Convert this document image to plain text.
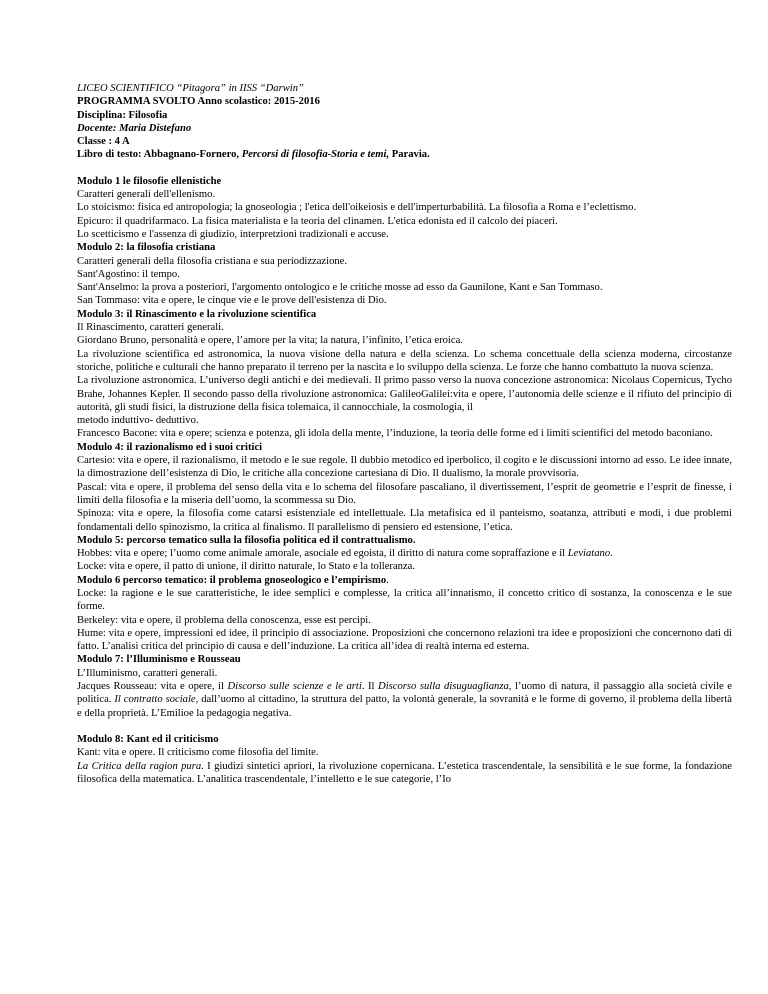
LICEO SCIENTIFICO “Pitagora” in IISS “Darwin”

PROGRAMMA SVOLTO Anno scolastico: 2015-2016

Disciplina: Filosofia

Docente: Maria Distefano

Classe : 4 A

Libro di testo: Abbagnano-Fornero, Percorsi di filosofia-Storia e temi, Paravia.

Modulo 1 le filosofie ellenistiche

Caratteri generali dell'ellenismo.

Lo stoicismo: fisica ed antropologia; la gnoseologia ; l'etica dell'oikeiosis e dell'imperturbabilità. La filosofia a Roma e l’eclettismo.

Epicuro: il quadrifarmaco. La fisica materialista e la teoria del clinamen. L'etica edonista ed il calcolo dei piaceri.

Lo scetticismo e l'assenza di giudizio, interpretzioni tradizionali e accuse.

Modulo 2: la filosofia cristiana

Caratteri generali della filosofia cristiana e sua periodizzazione.

Sant'Agostino: il tempo.

Sant'Anselmo: la prova a posteriori, l'argomento ontologico e le critiche mosse ad esso da Gaunilone, Kant e San Tommaso.

San Tommaso: vita e opere, le cinque vie e le prove dell'esistenza di Dio.

Modulo 3: il Rinascimento e la rivoluzione scientifica

Il Rinascimento, caratteri generali.

Giordano Bruno, personalità e opere, l’amore per la vita; la natura, l’infinito, l’etica eroica.

La rivoluzione scientifica ed astronomica, la nuova visione della natura e della scienza. Lo schema concettuale della scienza moderna, circostanze storiche, politiche e culturali che hanno preparato il terreno per la nascita e lo sviluppo della scienza. Le forze che hanno combattuto la nuova scienza.

La rivoluzione astronomica. L’universo degli antichi e dei medievali. Il primo passo verso la nuova concezione astronomica: Nicolaus Copernicus, Tycho Brahe, Johannes Kepler. Il secondo passo della rivoluzione astronomica: GalileoGalilei:vita e opere, l’autonomia delle scienze e il rifiuto del principio di autorità, gli studi fisici, la distruzione della fisica tolemaica, il cannocchiale, la cosmologia, il

metodo induttivo- deduttivo.

Francesco Bacone: vita e opere; scienza e potenza, gli idola della mente, l’induzione, la teoria delle forme ed i limiti scientifici del metodo baconiano.

Modulo 4: il razionalismo ed i suoi critici

Cartesio: vita e opere, il razionalismo, il metodo e le sue regole. Il dubbio metodico ed iperbolico, il cogito e le discussioni intorno ad esso. Le idee innate, la dimostrazione dell’esistenza di Dio, le critiche alla concezione cartesiana di Dio. Il dualismo, la morale provvisoria.

Pascal: vita e opere, il problema del senso della vita e lo schema del filosofare pascaliano, il divertissement, l’esprit de geometrie e l’esprit de finesse, i limiti della filosofia e la miseria dell’uomo, la scommessa su Dio.

Spinoza: vita e opere, la filosofia come catarsi esistenziale ed intellettuale. Lla metafisica ed il panteismo, soatanza, attributi e modi, i due problemi fondamentali dello spinozismo, la critica al finalismo. Il parallelismo di pensiero ed estensione, l’etica.

Modulo 5: percorso tematico sulla la filosofia politica ed il contrattualismo.

Hobbes: vita e opere; l’uomo come animale amorale, asociale ed egoista, il diritto di natura come sopraffazione e il Leviatano.

Locke: vita e opere, il patto di unione, il diritto naturale, lo Stato e la tolleranza.

Modulo 6 percorso tematico: il problema gnoseologico e l’empirismo.

Locke: la ragione e le sue caratteristiche, le idee semplici e complesse, la critica all’innatismo, il concetto critico di sostanza, la conoscenza e le sue forme.

Berkeley: vita e opere, il problema della conoscenza, esse est percipi.

Hume: vita e opere, impressioni ed idee, il principio di associazione. Proposizioni che concernono relazioni tra idee e proposizioni che concernono dati di fatto. L’analisi critica del principio di causa e dell’induzione. La critica all’idea di realtà interna ed esterna.

Modulo 7: l’Illuminismo e Rousseau

L’Illuminismo, caratteri generali.

Jacques Rousseau: vita e opere, il Discorso sulle scienze e le arti. Il Discorso sulla disuguaglianza, l’uomo di natura, il passaggio alla società civile e politica. Il contratto sociale, dall’uomo al cittadino, la struttura del patto, la volontà generale, la sovranità e le forme di governo, il problema della libertà e della proprietà. L’Emilioe la pedagogia negativa.

Modulo 8: Kant ed il criticismo

Kant: vita e opere. Il criticismo come filosofia del limite.

La Critica della ragion pura. I giudizi sintetici apriori, la rivoluzione copernicana. L’estetica trascendentale, la sensibilità e le sue forme, la fondazione filosofica della matematica. L’analitica trascendentale, l’intelletto e le sue categorie, l’Io
